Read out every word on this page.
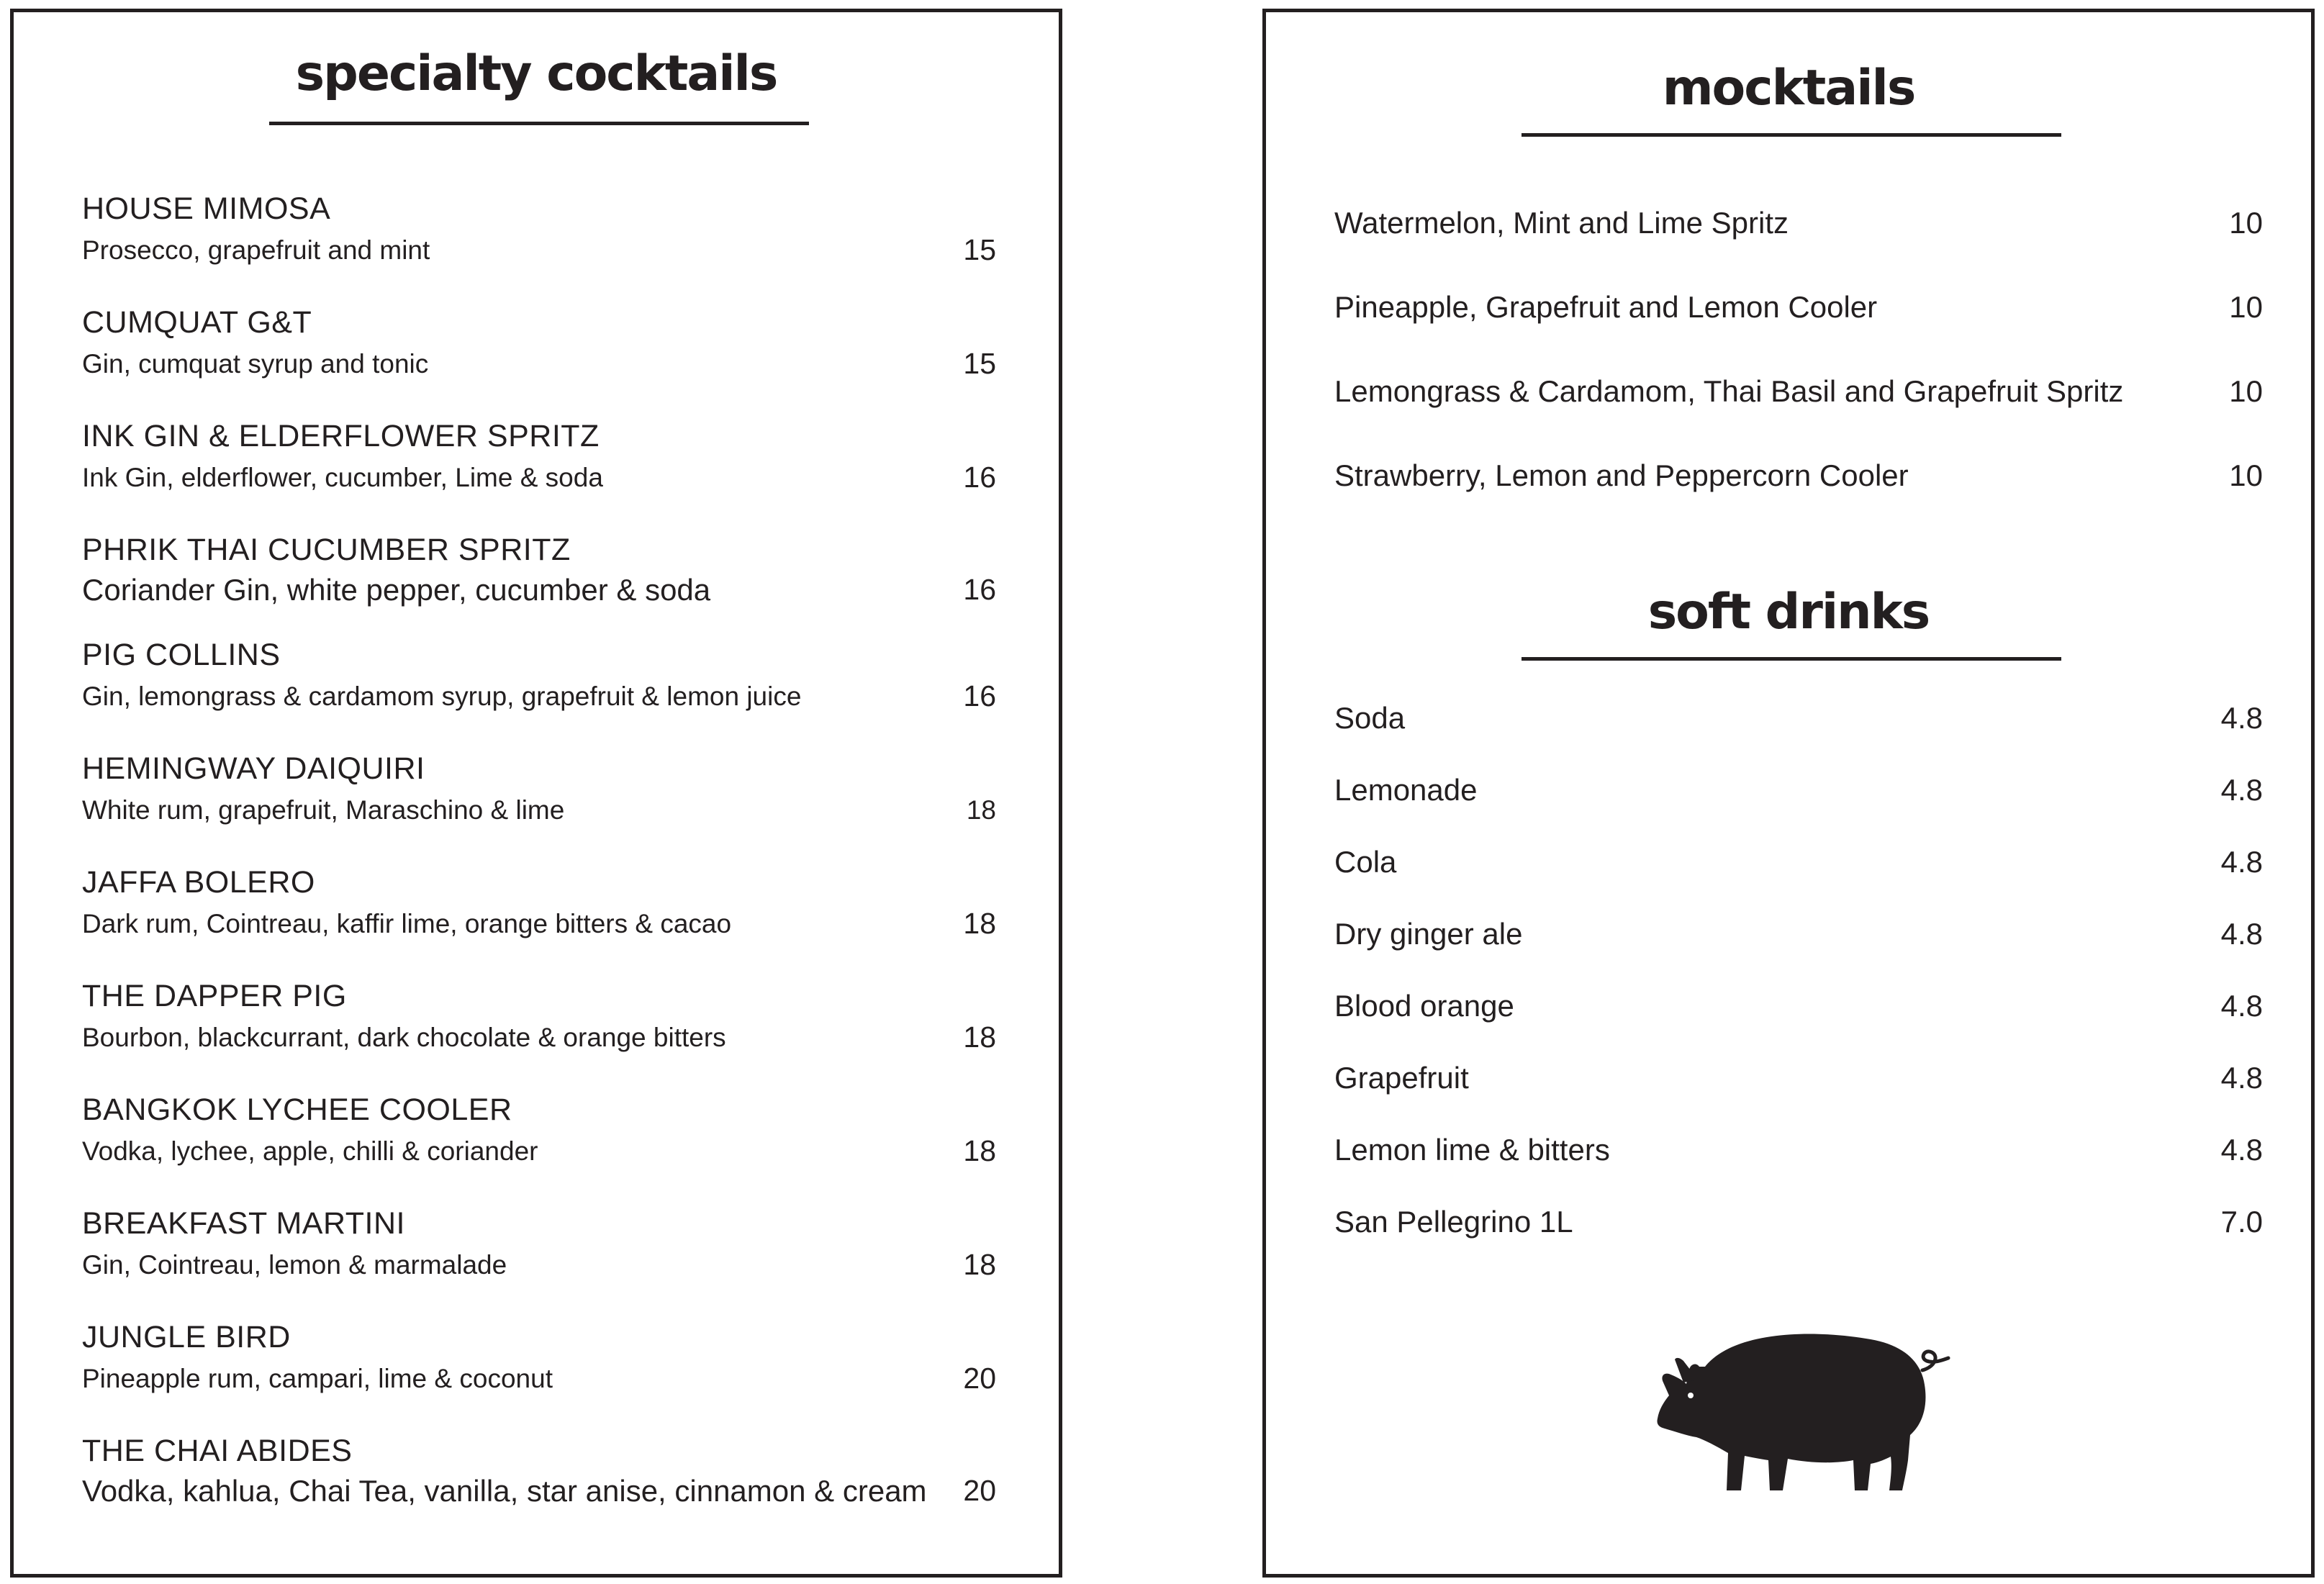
specialty cocktails
HOUSE MIMOSA
Prosecco, grapefruit and mint	15
CUMQUAT G&T
Gin, cumquat syrup and tonic	15
INK GIN & ELDERFLOWER SPRITZ
Ink Gin, elderflower, cucumber, Lime & soda	16
PHRIK THAI CUCUMBER SPRITZ
Coriander Gin, white pepper, cucumber & soda	16
PIG COLLINS
Gin, lemongrass & cardamom syrup, grapefruit & lemon juice	16
HEMINGWAY DAIQUIRI
White rum, grapefruit, Maraschino & lime	18
JAFFA BOLERO
Dark rum, Cointreau, kaffir lime, orange bitters & cacao	18
THE DAPPER PIG
Bourbon, blackcurrant, dark chocolate & orange bitters	18
BANGKOK LYCHEE COOLER
Vodka, lychee, apple, chilli & coriander	18
BREAKFAST MARTINI
Gin, Cointreau, lemon & marmalade	18
JUNGLE BIRD
Pineapple rum, campari, lime & coconut	20
THE CHAI ABIDES
Vodka, kahlua, Chai Tea, vanilla, star anise, cinnamon & cream	20
mocktails
Watermelon, Mint and Lime Spritz	10
Pineapple, Grapefruit and Lemon Cooler	10
Lemongrass & Cardamom, Thai Basil and Grapefruit Spritz	10
Strawberry, Lemon and Peppercorn Cooler	10
soft drinks
Soda	4.8
Lemonade	4.8
Cola	4.8
Dry ginger ale	4.8
Blood orange	4.8
Grapefruit	4.8
Lemon lime & bitters	4.8
San Pellegrino 1L	7.0
